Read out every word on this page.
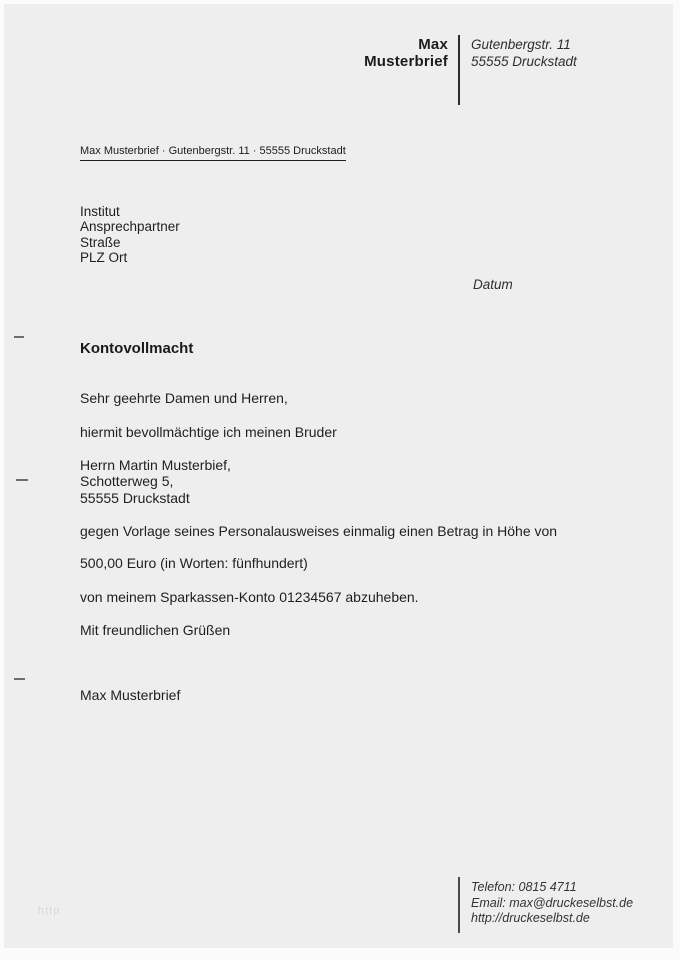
Max
Musterbrief
Gutenbergstr. 11
55555 Druckstadt
Max Musterbrief · Gutenbergstr. 11 · 55555 Druckstadt
Institut
Ansprechpartner
Straße
PLZ Ort
Datum
Kontovollmacht
Sehr geehrte Damen und Herren,
hiermit bevollmächtige ich meinen Bruder
Herrn Martin Musterbief,
Schotterweg 5,
55555 Druckstadt
gegen Vorlage seines Personalausweises einmalig einen Betrag in Höhe von
500,00 Euro (in Worten: fünfhundert)
von meinem Sparkassen-Konto 01234567 abzuheben.
Mit freundlichen Grüßen
Max Musterbrief
Telefon: 0815 4711
Email: max@druckeselbst.de
http://druckeselbst.de
http
